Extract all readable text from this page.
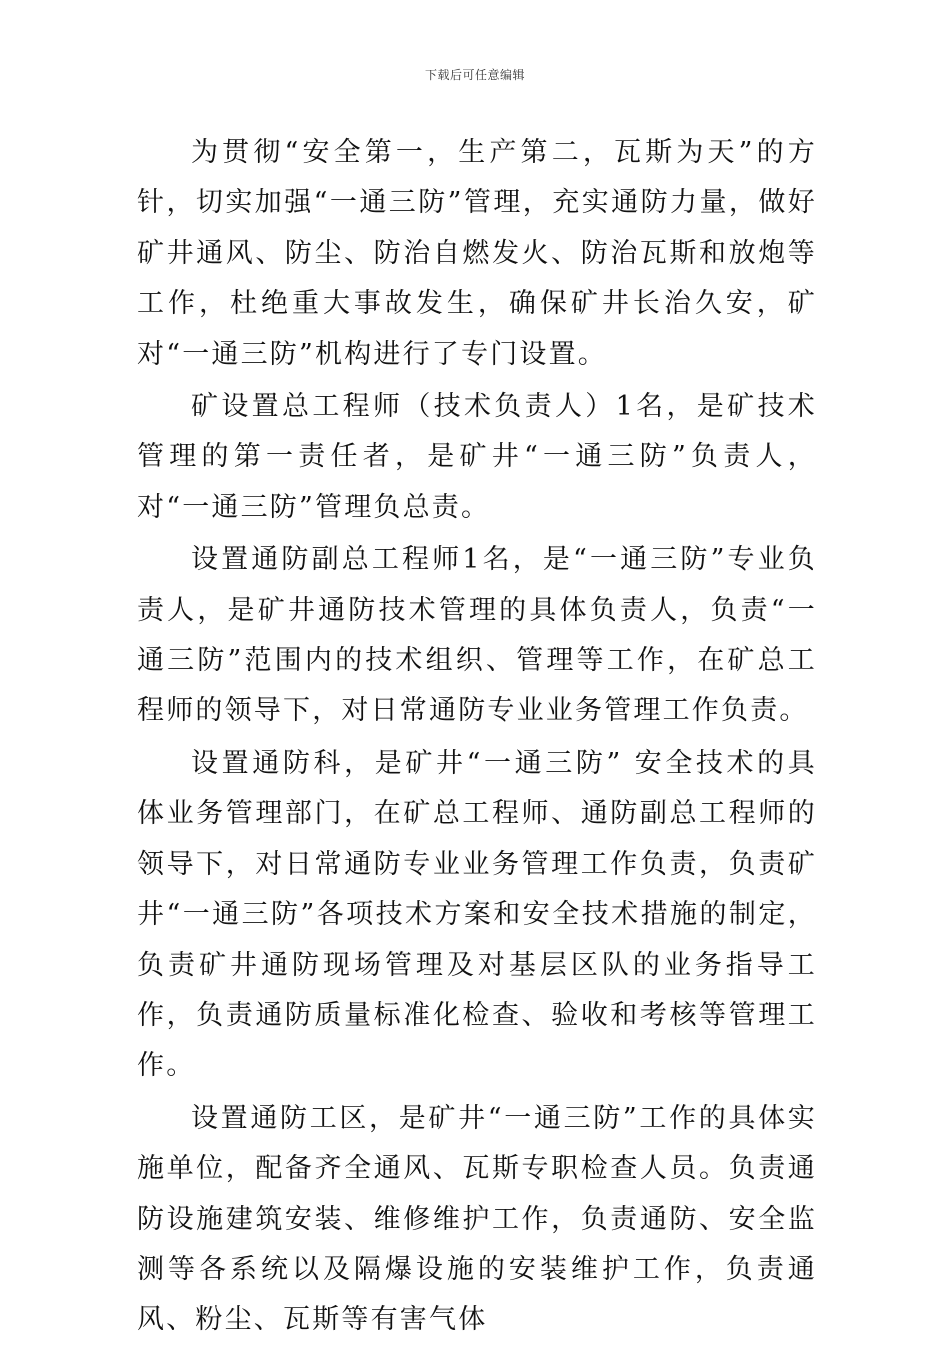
下载后可任意编辑

为贯彻“安全第一，生产第二，瓦斯为天”的方针，切实加强“一通三防”管理，充实通防力量，做好矿井通风、防尘、防治自燃发火、防治瓦斯和放炮等工作，杜绝重大事故发生，确保矿井长治久安，矿对“一通三防”机构进行了专门设置。

矿设置总工程师（技术负责人）1名，是矿技术管理的第一责任者，是矿井“一通三防”负责人，对“一通三防”管理负总责。

设置通防副总工程师1名，是“一通三防”专业负责人，是矿井通防技术管理的具体负责人，负责“一通三防”范围内的技术组织、管理等工作，在矿总工程师的领导下，对日常通防专业业务管理工作负责。

设置通防科，是矿井“一通三防” 安全技术的具体业务管理部门，在矿总工程师、通防副总工程师的领导下，对日常通防专业业务管理工作负责，负责矿井“一通三防”各项技术方案和安全技术措施的制定，负责矿井通防现场管理及对基层区队的业务指导工作，负责通防质量标准化检查、验收和考核等管理工作。

设置通防工区，是矿井“一通三防”工作的具体实施单位，配备齐全通风、瓦斯专职检查人员。负责通防设施建筑安装、维修维护工作，负责通防、安全监测等各系统以及隔爆设施的安装维护工作，负责通风、粉尘、瓦斯等有害气体
